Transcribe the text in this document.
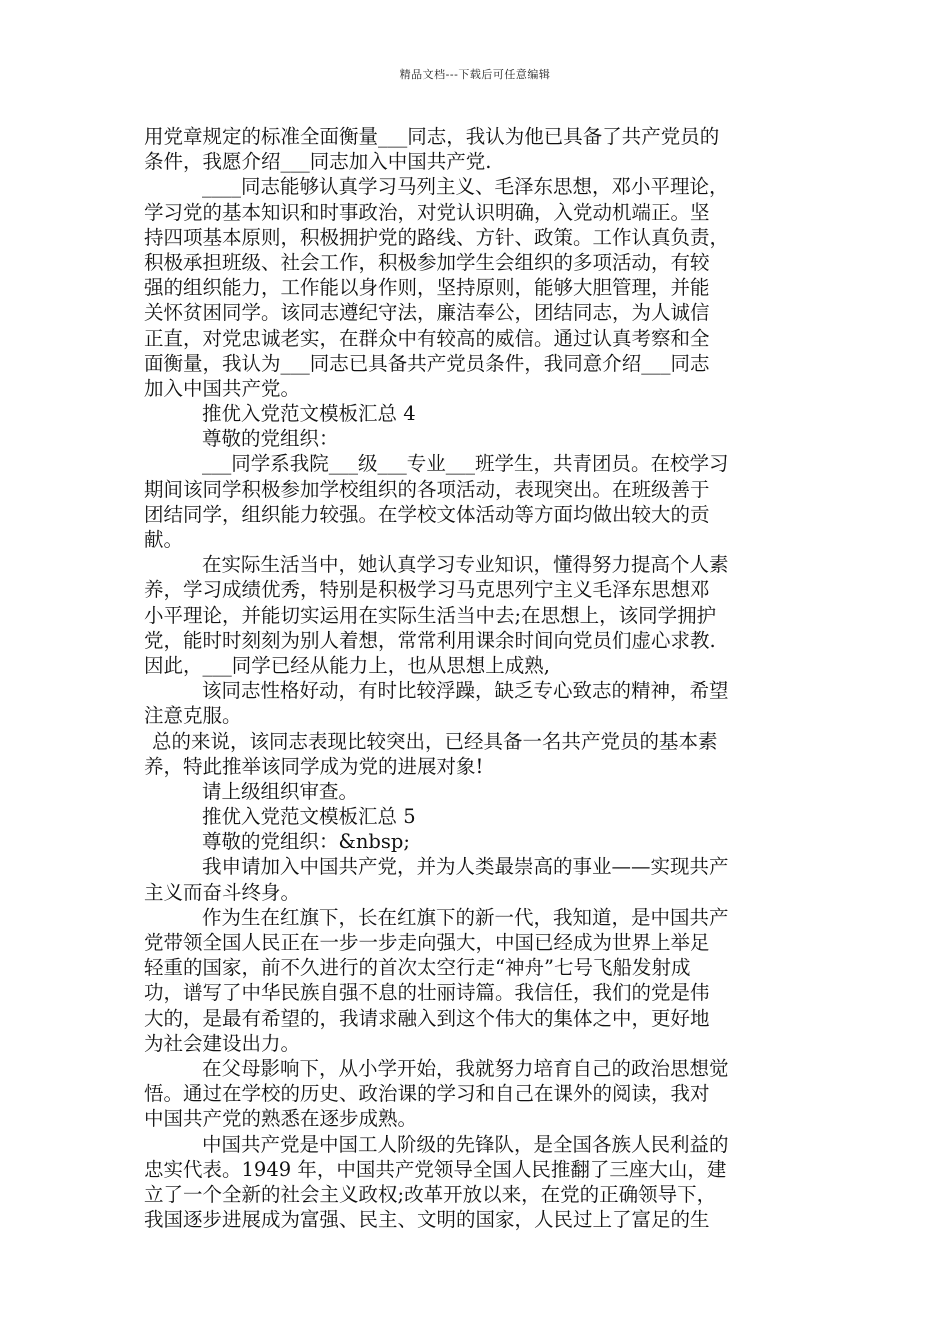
精品文档---下载后可任意编辑
用党章规定的标准全面衡量___同志，我认为他已具备了共产党员的
条件，我愿介绍___同志加入中国共产党.
____同志能够认真学习马列主义、毛泽东思想，邓小平理论，
学习党的基本知识和时事政治，对党认识明确，入党动机端正。坚
持四项基本原则，积极拥护党的路线、方针、政策。工作认真负责，
积极承担班级、社会工作，积极参加学生会组织的多项活动，有较
强的组织能力，工作能以身作则，坚持原则，能够大胆管理，并能
关怀贫困同学。该同志遵纪守法，廉洁奉公，团结同志，为人诚信
正直，对党忠诚老实，在群众中有较高的威信。通过认真考察和全
面衡量，我认为___同志已具备共产党员条件，我同意介绍___同志
加入中国共产党。
推优入党范文模板汇总 4
尊敬的党组织：
___同学系我院___级___专业___班学生，共青团员。在校学习
期间该同学积极参加学校组织的各项活动，表现突出。在班级善于
团结同学，组织能力较强。在学校文体活动等方面均做出较大的贡
献。
在实际生活当中，她认真学习专业知识，懂得努力提高个人素
养，学习成绩优秀，特别是积极学习马克思列宁主义毛泽东思想邓
小平理论，并能切实运用在实际生活当中去;在思想上，该同学拥护
党，能时时刻刻为别人着想，常常利用课余时间向党员们虚心求教.
因此，___同学已经从能力上，也从思想上成熟,
该同志性格好动，有时比较浮躁，缺乏专心致志的精神，希望
注意克服。
总的来说，该同志表现比较突出，已经具备一名共产党员的基本素
养，特此推举该同学成为党的进展对象!
请上级组织审查。
推优入党范文模板汇总 5
尊敬的党组织：&nbsp;
我申请加入中国共产党，并为人类最崇高的事业——实现共产
主义而奋斗终身。
作为生在红旗下，长在红旗下的新一代，我知道，是中国共产
党带领全国人民正在一步一步走向强大，中国已经成为世界上举足
轻重的国家，前不久进行的首次太空行走“神舟”七号飞船发射成
功，谱写了中华民族自强不息的壮丽诗篇。我信任，我们的党是伟
大的，是最有希望的，我请求融入到这个伟大的集体之中，更好地
为社会建设出力。
在父母影响下，从小学开始，我就努力培育自己的政治思想觉
悟。通过在学校的历史、政治课的学习和自己在课外的阅读，我对
中国共产党的熟悉在逐步成熟。
中国共产党是中国工人阶级的先锋队，是全国各族人民利益的
忠实代表。1949 年，中国共产党领导全国人民推翻了三座大山，建
立了一个全新的社会主义政权;改革开放以来，在党的正确领导下，
我国逐步进展成为富强、民主、文明的国家，人民过上了富足的生
